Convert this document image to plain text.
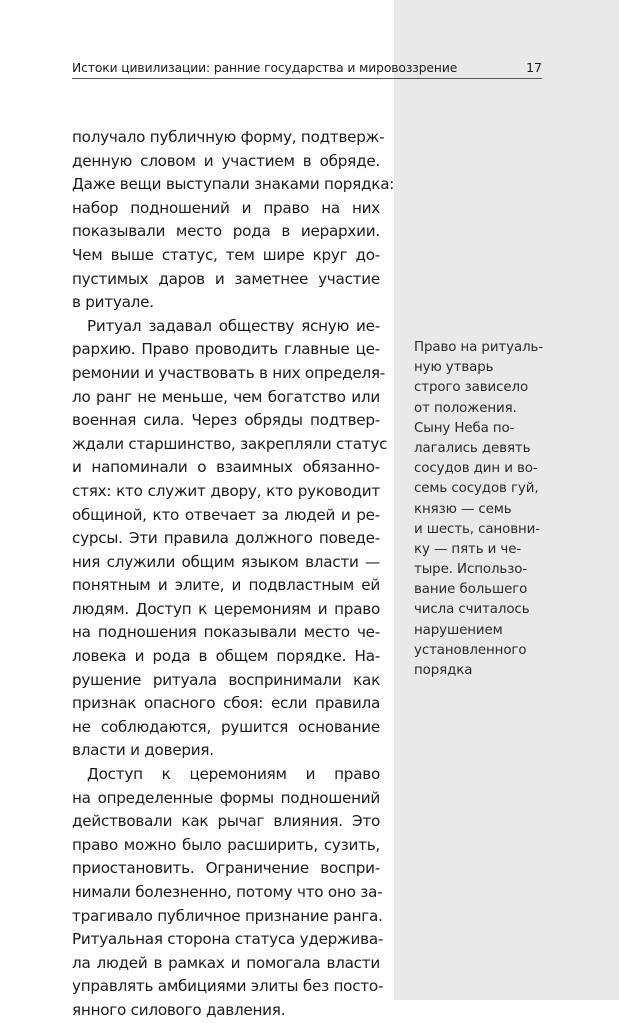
Истоки цивилизации: ранние государства и мировоззрение	17
получало публичную форму, подтверж-
денную словом и участием в обряде.
Даже вещи выступали знаками порядка:
набор подношений и право на них
показывали место рода в иерархии.
Чем выше статус, тем шире круг до-
пустимых даров и заметнее участие
в ритуале.
Ритуал задавал обществу ясную ие-
рархию. Право проводить главные це-
ремонии и участвовать в них определя-
ло ранг не меньше, чем богатство или
военная сила. Через обряды подтвер-
ждали старшинство, закрепляли статус
и напоминали о взаимных обязанно-
стях: кто служит двору, кто руководит
общиной, кто отвечает за людей и ре-
сурсы. Эти правила должного поведе-
ния служили общим языком власти —
понятным и элите, и подвластным ей
людям. Доступ к церемониям и право
на подношения показывали место че-
ловека и рода в общем порядке. На-
рушение ритуала воспринимали как
признак опасного сбоя: если правила
не соблюдаются, рушится основание
власти и доверия.
Доступ к церемониям и право
на определенные формы подношений
действовали как рычаг влияния. Это
право можно было расширить, сузить,
приостановить. Ограничение воспри-
нимали болезненно, потому что оно за-
трагивало публичное признание ранга.
Ритуальная сторона статуса удержива-
ла людей в рамках и помогала власти
управлять амбициями элиты без посто-
янного силового давления.
Право на ритуаль-
ную утварь
строго зависело
от положения.
Сыну Неба по-
лагались девять
сосудов дин и во-
семь сосудов гуй,
князю — семь
и шесть, сановни-
ку — пять и че-
тыре. Использо-
вание большего
числа считалось
нарушением
установленного
порядка
